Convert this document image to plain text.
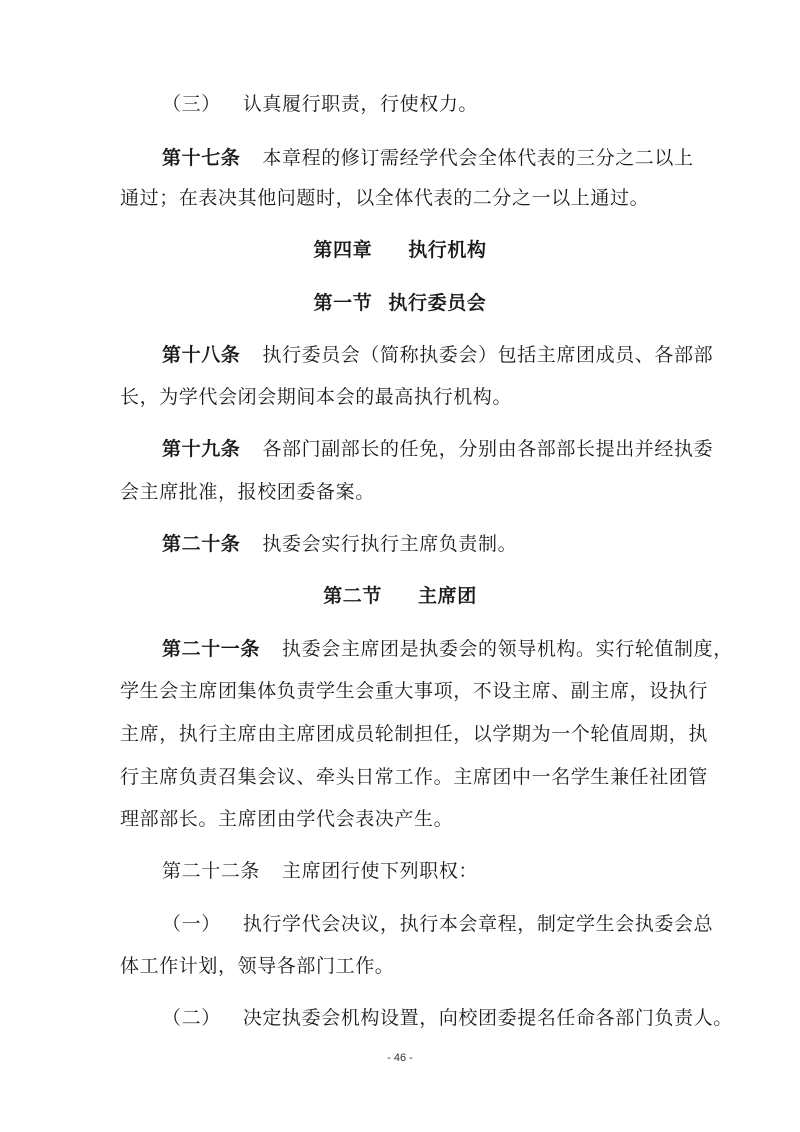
（三） 认真履行职责，行使权力。
第十七条 本章程的修订需经学代会全体代表的三分之二以上
通过；在表决其他问题时，以全体代表的二分之一以上通过。
第四章 执行机构
第一节 执行委员会
第十八条 执行委员会（简称执委会）包括主席团成员、各部部
长，为学代会闭会期间本会的最高执行机构。
第十九条 各部门副部长的任免，分别由各部部长提出并经执委
会主席批准，报校团委备案。
第二十条 执委会实行执行主席负责制。
第二节 主席团
第二十一条 执委会主席团是执委会的领导机构。实行轮值制度，
学生会主席团集体负责学生会重大事项，不设主席、副主席，设执行
主席，执行主席由主席团成员轮制担任，以学期为一个轮值周期，执
行主席负责召集会议、牵头日常工作。主席团中一名学生兼任社团管
理部部长。主席团由学代会表决产生。
第二十二条 主席团行使下列职权：
（一） 执行学代会决议，执行本会章程，制定学生会执委会总
体工作计划，领导各部门工作。
（二） 决定执委会机构设置，向校团委提名任命各部门负责人。
- 46 -
